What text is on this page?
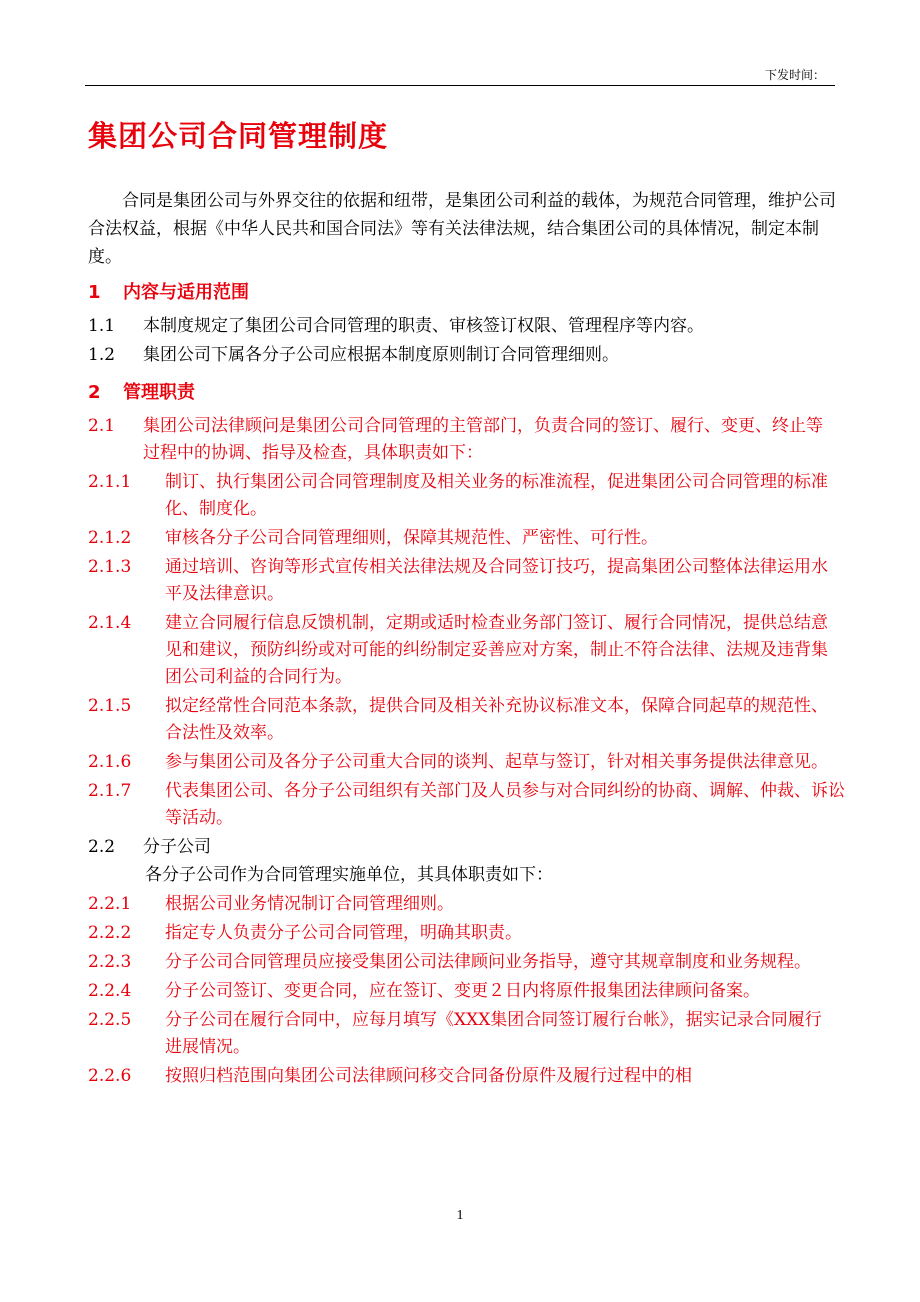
下发时间：
集团公司合同管理制度

合同是集团公司与外界交往的依据和纽带，是集团公司利益的载体，为规范合同管理，维护公司合法权益，根据《中华人民共和国合同法》等有关法律法规，结合集团公司的具体情况，制定本制度。

1	内容与适用范围
1.1	本制度规定了集团公司合同管理的职责、审核签订权限、管理程序等内容。
1.2	集团公司下属各分子公司应根据本制度原则制订合同管理细则。
2	管理职责
2.1	集团公司法律顾问是集团公司合同管理的主管部门，负责合同的签订、履行、变更、终止等过程中的协调、指导及检查，具体职责如下：
2.1.1	制订、执行集团公司合同管理制度及相关业务的标准流程，促进集团公司合同管理的标准化、制度化。
2.1.2	审核各分子公司合同管理细则，保障其规范性、严密性、可行性。
2.1.3	通过培训、咨询等形式宣传相关法律法规及合同签订技巧，提高集团公司整体法律运用水平及法律意识。
2.1.4	建立合同履行信息反馈机制，定期或适时检查业务部门签订、履行合同情况，提供总结意见和建议，预防纠纷或对可能的纠纷制定妥善应对方案，制止不符合法律、法规及违背集团公司利益的合同行为。
2.1.5	拟定经常性合同范本条款，提供合同及相关补充协议标准文本，保障合同起草的规范性、合法性及效率。
2.1.6	参与集团公司及各分子公司重大合同的谈判、起草与签订，针对相关事务提供法律意见。
2.1.7	代表集团公司、各分子公司组织有关部门及人员参与对合同纠纷的协商、调解、仲裁、诉讼等活动。
2.2	分子公司
各分子公司作为合同管理实施单位，其具体职责如下：
2.2.1	根据公司业务情况制订合同管理细则。
2.2.2	指定专人负责分子公司合同管理，明确其职责。
2.2.3	分子公司合同管理员应接受集团公司法律顾问业务指导，遵守其规章制度和业务规程。
2.2.4	分子公司签订、变更合同，应在签订、变更２日内将原件报集团法律顾问备案。
2.2.5	分子公司在履行合同中，应每月填写《XXX集团合同签订履行台帐》，据实记录合同履行进展情况。
2.2.6	按照归档范围向集团公司法律顾问移交合同备份原件及履行过程中的相
1
